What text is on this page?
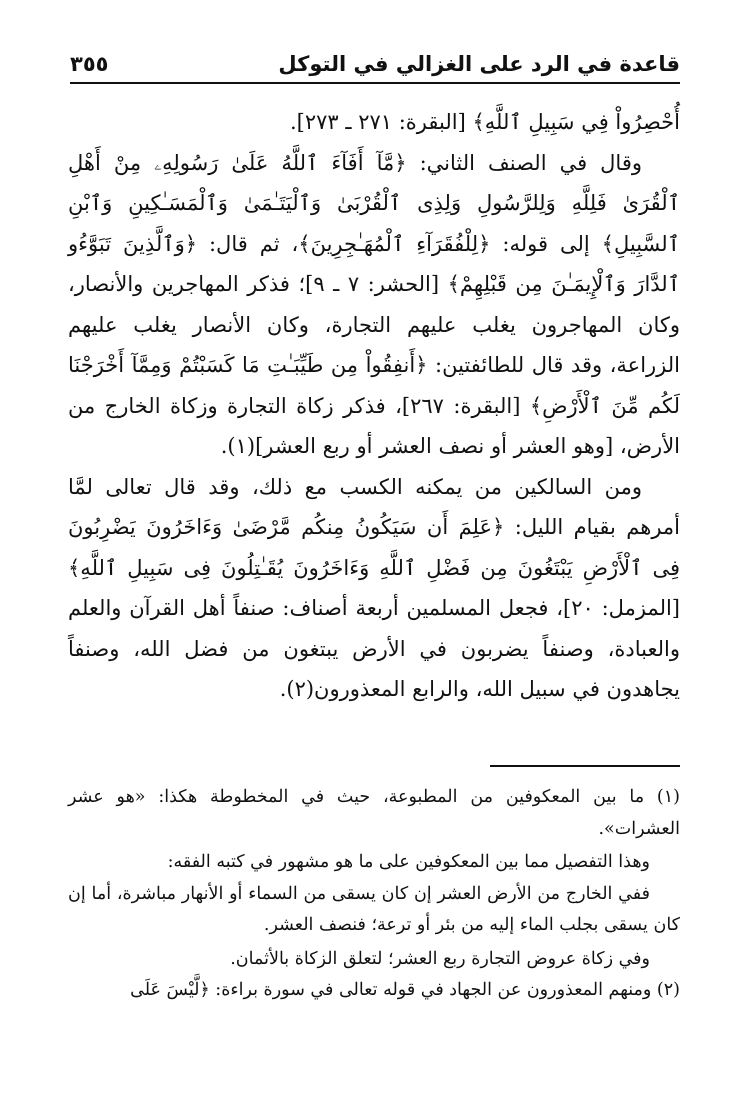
قاعدة في الرد على الغزالي في التوكل
٣٥٥

أُحْصِرُواْ فِي سَبِيلِ ٱللَّهِ﴾ [البقرة: ٢٧١ ـ ٢٧٣].

وقال في الصنف الثاني: ﴿مَّآ أَفَآءَ ٱللَّهُ عَلَىٰ رَسُولِهِۦ مِنْ أَهْلِ ٱلْقُرَىٰ فَلِلَّهِ وَلِلرَّسُولِ وَلِذِى ٱلْقُرْبَىٰ وَٱلْيَتَـٰمَىٰ وَٱلْمَسَـٰكِينِ وَٱبْنِ ٱلسَّبِيلِ﴾ إلى قوله: ﴿لِلْفُقَرَآءِ ٱلْمُهَـٰجِرِينَ﴾، ثم قال: ﴿وَٱلَّذِينَ تَبَوَّءُو ٱلدَّارَ وَٱلْإِيمَـٰنَ مِن قَبْلِهِمْ﴾ [الحشر: ٧ ـ ٩]؛ فذكر المهاجرين والأنصار، وكان المهاجرون يغلب عليهم التجارة، وكان الأنصار يغلب عليهم الزراعة، وقد قال للطائفتين: ﴿أَنفِقُواْ مِن طَيِّبَـٰتِ مَا كَسَبْتُمْ وَمِمَّآ أَخْرَجْنَا لَكُم مِّنَ ٱلْأَرْضِ﴾ [البقرة: ٢٦٧]، فذكر زكاة التجارة وزكاة الخارج من الأرض، [وهو العشر أو نصف العشر أو ربع العشر](١).

ومن السالكين من يمكنه الكسب مع ذلك، وقد قال تعالى لمَّا أمرهم بقيام الليل: ﴿عَلِمَ أَن سَيَكُونُ مِنكُم مَّرْضَىٰ وَءَاخَرُونَ يَضْرِبُونَ فِى ٱلْأَرْضِ يَبْتَغُونَ مِن فَضْلِ ٱللَّهِ وَءَاخَرُونَ يُقَـٰتِلُونَ فِى سَبِيلِ ٱللَّهِ﴾ [المزمل: ٢٠]، فجعل المسلمين أربعة أصناف: صنفاً أهل القرآن والعلم والعبادة، وصنفاً يضربون في الأرض يبتغون من فضل الله، وصنفاً يجاهدون في سبيل الله، والرابع المعذورون(٢).

(١) ما بين المعكوفين من المطبوعة، حيث في المخطوطة هكذا: «هو عشر العشرات».

وهذا التفصيل مما بين المعكوفين على ما هو مشهور في كتبه الفقه:

ففي الخارج من الأرض العشر إن كان يسقى من السماء أو الأنهار مباشرة، أما إن كان يسقى بجلب الماء إليه من بئر أو ترعة؛ فنصف العشر.

وفي زكاة عروض التجارة ربع العشر؛ لتعلق الزكاة بالأثمان.

(٢) ومنهم المعذورون عن الجهاد في قوله تعالى في سورة براءة: ﴿لَّيْسَ عَلَى
